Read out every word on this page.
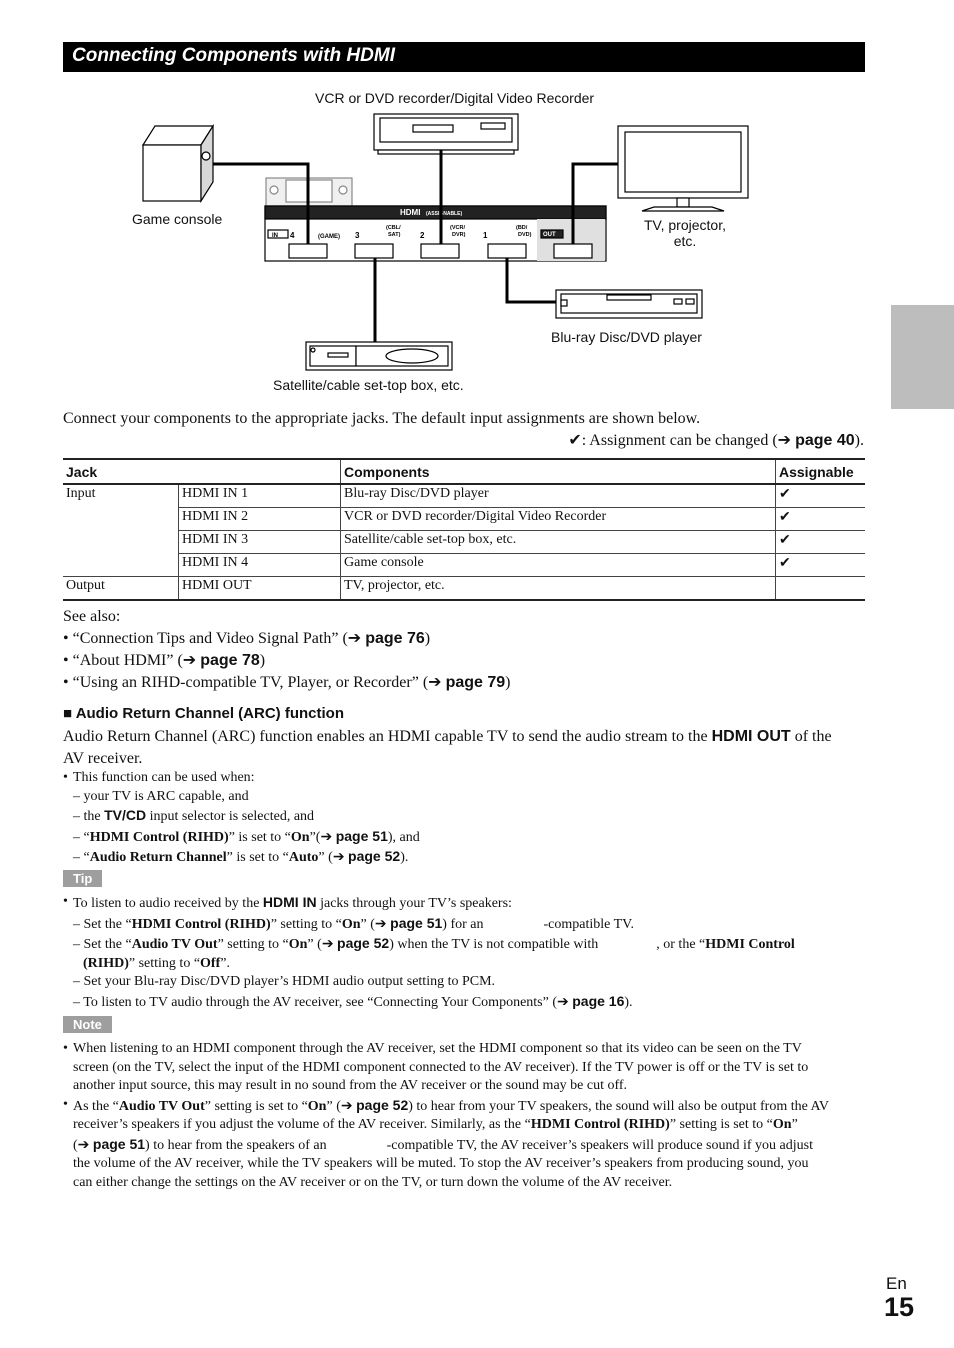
Connecting Components with HDMI
VCR or DVD recorder/Digital Video Recorder
Game console	TV, projector,
etc.
Blu-ray Disc/DVD player
Satellite/cable set-top box, etc.
HDMI (ASSIGNABLE)
IN 4	(GAME) 3
(CBL/
SAT) 2
(VCR/
DVR) 1
(BD/
DVD) OUT
Connect your components to the appropriate jacks. The default input assignments are shown below.
✔: Assignment can be changed (➔ page 40).
Jack		Components	Assignable
Input	HDMI IN 1	Blu-ray Disc/DVD player	✔
	HDMI IN 2	VCR or DVD recorder/Digital Video Recorder	✔
	HDMI IN 3	Satellite/cable set-top box, etc.	✔
	HDMI IN 4	Game console	✔
Output	HDMI OUT	TV, projector, etc.	
See also:
• “Connection Tips and Video Signal Path” (➔ page 76)
• “About HDMI” (➔ page 78)
• “Using an RIHD-compatible TV, Player, or Recorder” (➔ page 79)
■ Audio Return Channel (ARC) function
Audio Return Channel (ARC) function enables an HDMI capable TV to send the audio stream to the HDMI OUT of the
AV receiver.
• This function can be used when:
– your TV is ARC capable, and
– the TV/CD input selector is selected, and
– “HDMI Control (RIHD)” is set to “On”(➔ page 51), and
– “Audio Return Channel” is set to “Auto” (➔ page 52).
Tip
• To listen to audio received by the HDMI IN jacks through your TV’s speakers:
– Set the “HDMI Control (RIHD)” setting to “On” (➔ page 51) for an	-compatible TV.
– Set the “Audio TV Out” setting to “On” (➔ page 52) when the TV is not compatible with	, or the “HDMI Control
(RIHD)” setting to “Off”.
– Set your Blu-ray Disc/DVD player’s HDMI audio output setting to PCM.
– To listen to TV audio through the AV receiver, see “Connecting Your Components” (➔ page 16).
Note
• When listening to an HDMI component through the AV receiver, set the HDMI component so that its video can be seen on the TV
screen (on the TV, select the input of the HDMI component connected to the AV receiver). If the TV power is off or the TV is set to
another input source, this may result in no sound from the AV receiver or the sound may be cut off.
• As the “Audio TV Out” setting is set to “On” (➔ page 52) to hear from your TV speakers, the sound will also be output from the AV
receiver’s speakers if you adjust the volume of the AV receiver. Similarly, as the “HDMI Control (RIHD)” setting is set to “On”
(➔ page 51) to hear from the speakers of an	-compatible TV, the AV receiver’s speakers will produce sound if you adjust
the volume of the AV receiver, while the TV speakers will be muted. To stop the AV receiver’s speakers from producing sound, you
can either change the settings on the AV receiver or on the TV, or turn down the volume of the AV receiver.
En
15
